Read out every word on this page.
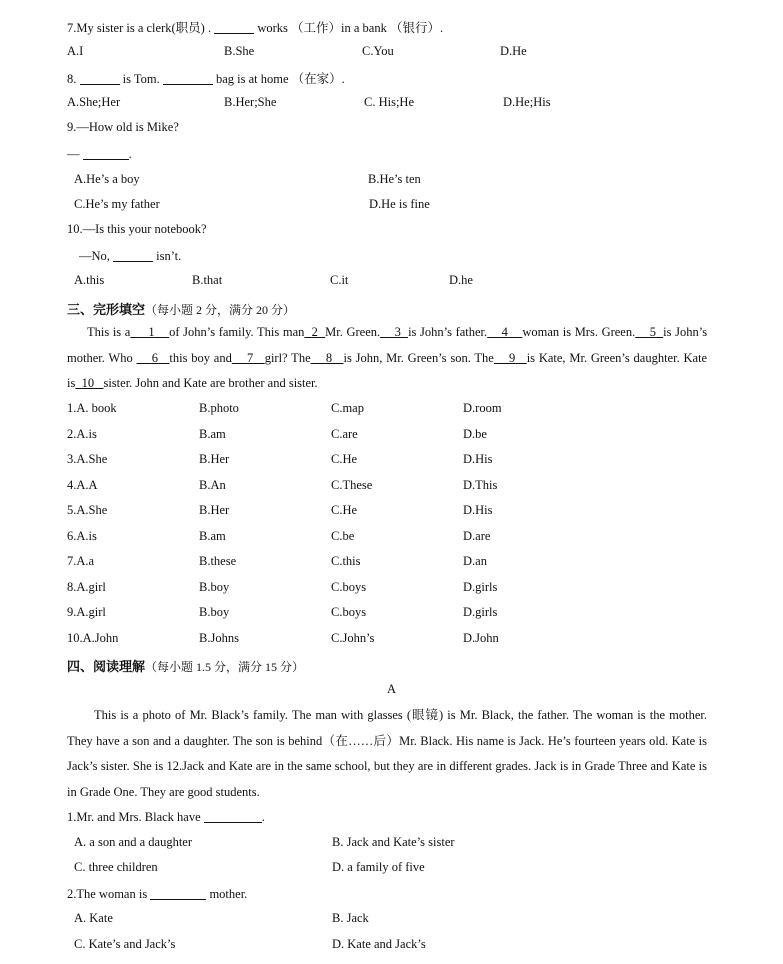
7.My sister is a clerk(职员) .	works （工作）in a bank （银行）.
A.I	B.She	C.You	D.He
8.	is Tom.	bag is at home （在家）.
A.She;Her	B.Her;She	C. His;He	D.He;His
9.—How old is Mike?
—	.
A.He’s a boy	B.He’s ten
C.He’s my father	D.He is fine
10.—Is this your notebook?
—No,	isn’t.
A.this	B.that	C.it	D.he
三、完形填空（每小题 2 分，满分 20 分）
This is a 1 of John’s family. This man 2 Mr. Green. 3 is John’s father. 4 woman is Mrs. Green. 5 is John’s mother. Who     6 this boy and 7 girl? The 8 is John, Mr. Green’s son. The 9 is Kate, Mr. Green’s daughter. Kate is 10 sister. John and Kate are brother and sister.
1.A. book	B.photo	C.map	D.room
2.A.is	B.am	C.are	D.be
3.A.She	B.Her	C.He	D.His
4.A.A	B.An	C.These	D.This
5.A.She	B.Her	C.He	D.His
6.A.is	B.am	C.be	D.are
7.A.a	B.these	C.this	D.an
8.A.girl	B.boy	C.boys	D.girls
9.A.girl	B.boy	C.boys	D.girls
10.A.John	B.Johns	C.John’s	D.John
四、阅读理解（每小题 1.5 分，满分 15 分）
A
This is a photo of Mr. Black’s family. The man with glasses (眼镜) is Mr. Black, the father. The woman is the mother. They have a son and a daughter. The son is behind（在……后）Mr. Black. His name is Jack. He’s fourteen years old. Kate is Jack’s sister. She is 12.Jack and Kate are in the same school, but they are in different grades. Jack is in Grade Three and Kate is in Grade One. They are good students.
1.Mr. and Mrs. Black have	.
A. a son and a daughter	B. Jack and Kate’s sister
C. three children	D. a family of five
2.The woman is	mother.
A. Kate	B. Jack
C. Kate’s and Jack’s	D. Kate and Jack’s
